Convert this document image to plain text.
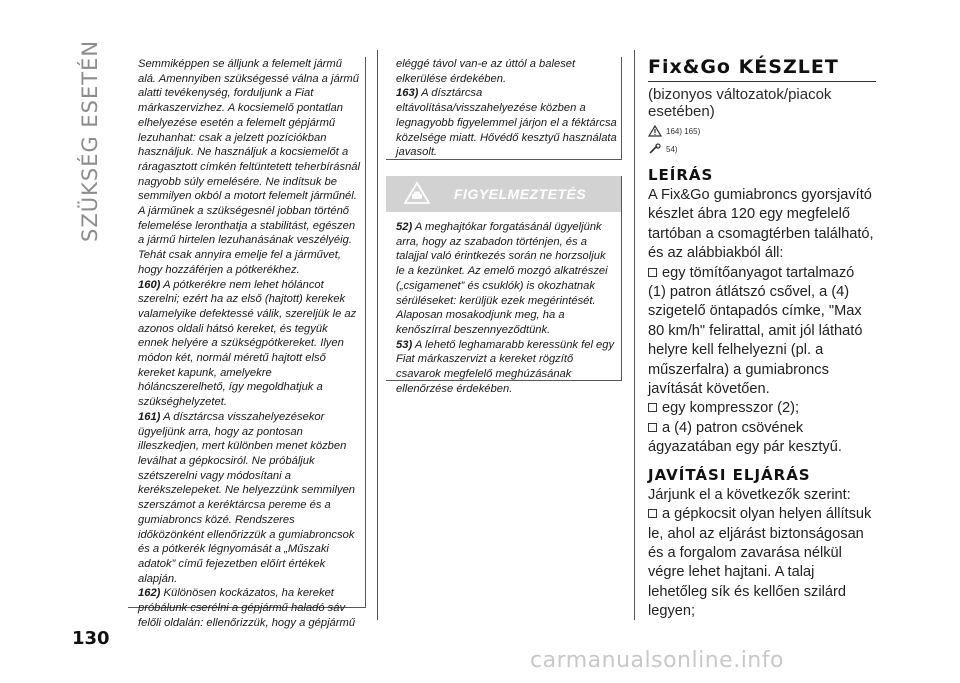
SZÜKSÉG ESETÉN	Semmiképpen se álljunk a felemelt jármű alá. Amennyiben szükségessé válna a jármű alatti tevékenység, forduljunk a Fiat márkaszervizhez. A kocsiemelő pontatlan elhelyezése esetén a felemelt gépjármű lezuhanhat: csak a jelzett pozíciókban használjuk. Ne használjuk a kocsiemelőt a ráragasztott címkén feltüntetett teherbírásnál nagyobb súly emelésére. Ne indítsuk be semmilyen okból a motort felemelt járműnél. A járműnek a szükségesnél jobban történő felemelése leronthatja a stabilitást, egészen a jármű hirtelen lezuhanásának veszélyéig. Tehát csak annyira emelje fel a járművet, hogy hozzáférjen a pótkerékhez.

160) A pótkerékre nem lehet hóláncot szerelni; ezért ha az első (hajtott) kerekek valamelyike defektessé válik, szereljük le az azonos oldali hátsó kereket, és tegyük ennek helyére a szükségpótkereket. Ilyen módon két, normál méretű hajtott első kereket kapunk, amelyekre hóláncszerelhető, így megoldhatjuk a szükséghelyzetet.

161) A dísztárcsa visszahelyezésekor ügyeljünk arra, hogy az pontosan illeszkedjen, mert különben menet közben leválhat a gépkocsiról. Ne próbáljuk szétszerelni vagy módosítani a kerékszelepeket. Ne helyezzünk semmilyen szerszámot a keréktárcsa pereme és a gumiabroncs közé. Rendszeres időközönként ellenőrizzük a gumiabroncsok és a pótkerék légnyomását a „Műszaki adatok” című fejezetben előírt értékek alapján.

162) Különösen kockázatos, ha kereket próbálunk cserélni a gépjármű haladó sáv felőli oldalán: ellenőrizzük, hogy a gépjármű

eléggé távol van-e az úttól a baleset elkerülése érdekében.

163) A dísztárcsa eltávolítása/visszahelyezése közben a legnagyobb figyelemmel járjon el a féktárcsa közelsége miatt. Hővédő kesztyű használata javasolt.

FIGYELMEZTETÉS

52) A meghajtókar forgatásánál ügyeljünk arra, hogy az szabadon történjen, és a talajjal való érintkezés során ne horzsoljuk le a kezünket. Az emelő mozgó alkatrészei („csigamenet” és csuklók) is okozhatnak sérüléseket: kerüljük ezek megérintését. Alaposan mosakodjunk meg, ha a kenőszírral beszennyeződtünk.

53) A lehető leghamarabb keressünk fel egy Fiat márkaszervizt a kereket rögzítő csavarok megfelelő meghúzásának ellenőrzése érdekében.

Fix&Go KÉSZLET

(bizonyos változatok/piacok esetében)

164) 165)
54)
LEÍRÁS

A Fix&Go gumiabroncs gyorsjavító készlet ábra 120 egy megfelelő tartóban a csomagtérben található, és az alábbiakból áll:

egy tömítőanyagot tartalmazó (1) patron átlátszó csővel, a (4) szigetelő öntapadós címke, "Max 80 km/h" felirattal, amit jól látható helyre kell felhelyezni (pl. a műszerfalra) a gumiabroncs javítását követően.

egy kompresszor (2);

a (4) patron csövének ágyazatában egy pár kesztyű.

JAVÍTÁSI ELJÁRÁS

Járjunk el a következők szerint:

a gépkocsit olyan helyen állítsuk le, ahol az eljárást biztonságosan és a forgalom zavarása nélkül végre lehet hajtani. A talaj lehetőleg sík és kellően szilárd legyen;

130
carmanualsonline.info
